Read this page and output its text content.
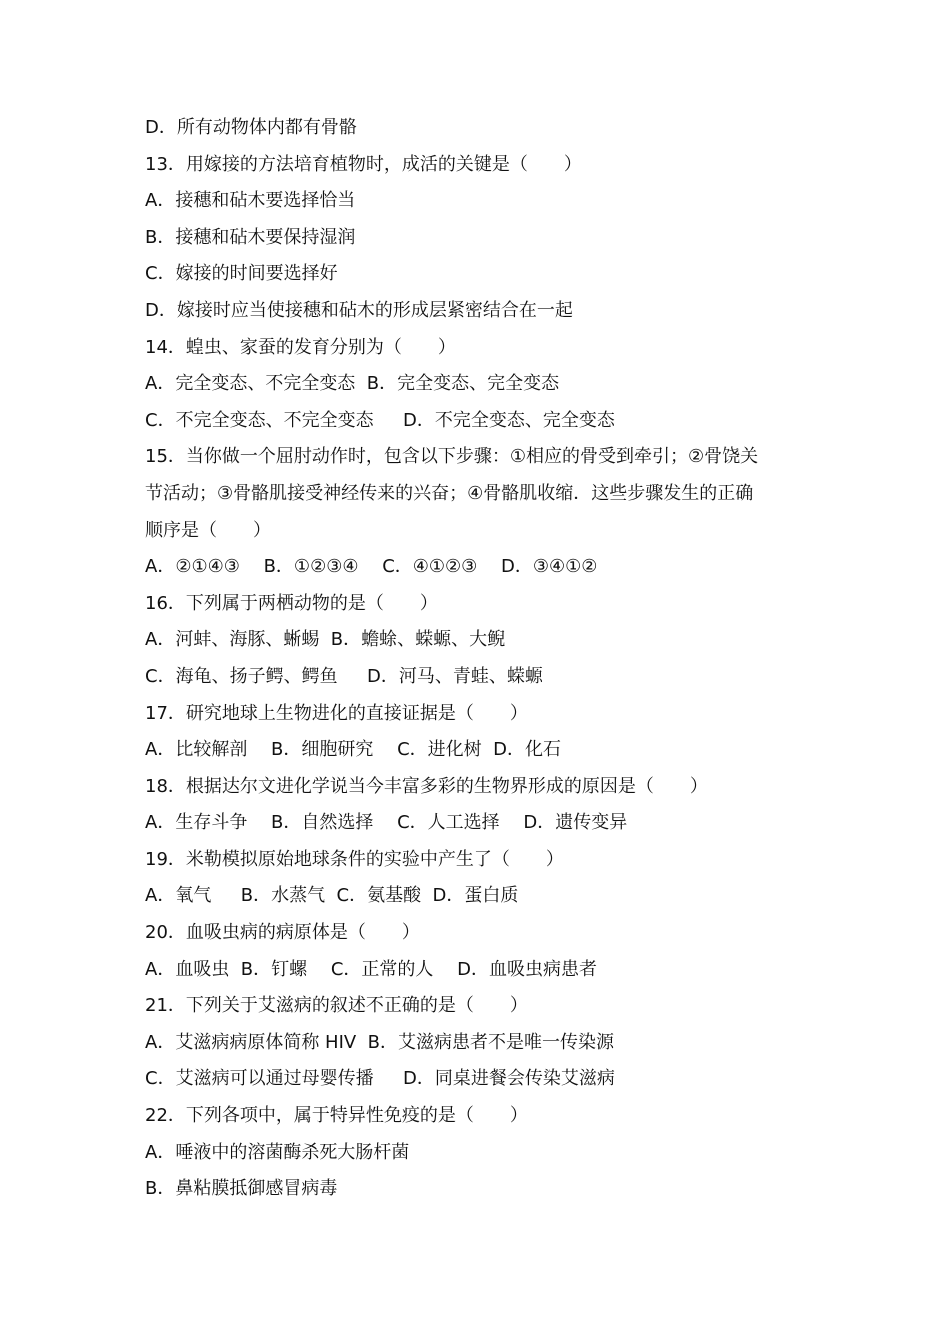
D．所有动物体内都有骨骼
13．用嫁接的方法培育植物时，成活的关键是（　　）
A．接穗和砧木要选择恰当
B．接穗和砧木要保持湿润
C．嫁接的时间要选择好
D．嫁接时应当使接穗和砧木的形成层紧密结合在一起
14．蝗虫、家蚕的发育分别为（　　）
A．完全变态、不完全变态  B．完全变态、完全变态
C．不完全变态、不完全变态　  D．不完全变态、完全变态
15．当你做一个屈肘动作时，包含以下步骤：①相应的骨受到牵引；②骨饶关
节活动；③骨骼肌接受神经传来的兴奋；④骨骼肌收缩．这些步骤发生的正确
顺序是（　　）
A．②①④③　 B．①②③④　 C．④①②③　 D．③④①②
16．下列属于两栖动物的是（　　）
A．河蚌、海豚、蜥蜴  B．蟾蜍、蝾螈、大鲵
C．海龟、扬子鳄、鳄鱼　  D．河马、青蛙、蝾螈
17．研究地球上生物进化的直接证据是（　　）
A．比较解剖　 B．细胞研究　 C．进化树  D．化石
18．根据达尔文进化学说当今丰富多彩的生物界形成的原因是（　　）
A．生存斗争　 B．自然选择　 C．人工选择　 D．遗传变异
19．米勒模拟原始地球条件的实验中产生了（　　）
A．氧气　  B．水蒸气  C．氨基酸  D．蛋白质
20．血吸虫病的病原体是（　　）
A．血吸虫  B．钉螺　 C．正常的人　 D．血吸虫病患者
21．下列关于艾滋病的叙述不正确的是（　　）
A．艾滋病病原体简称 HIV  B．艾滋病患者不是唯一传染源
C．艾滋病可以通过母婴传播　  D．同桌进餐会传染艾滋病
22．下列各项中，属于特异性免疫的是（　　）
A．唾液中的溶菌酶杀死大肠杆菌
B．鼻粘膜抵御感冒病毒
